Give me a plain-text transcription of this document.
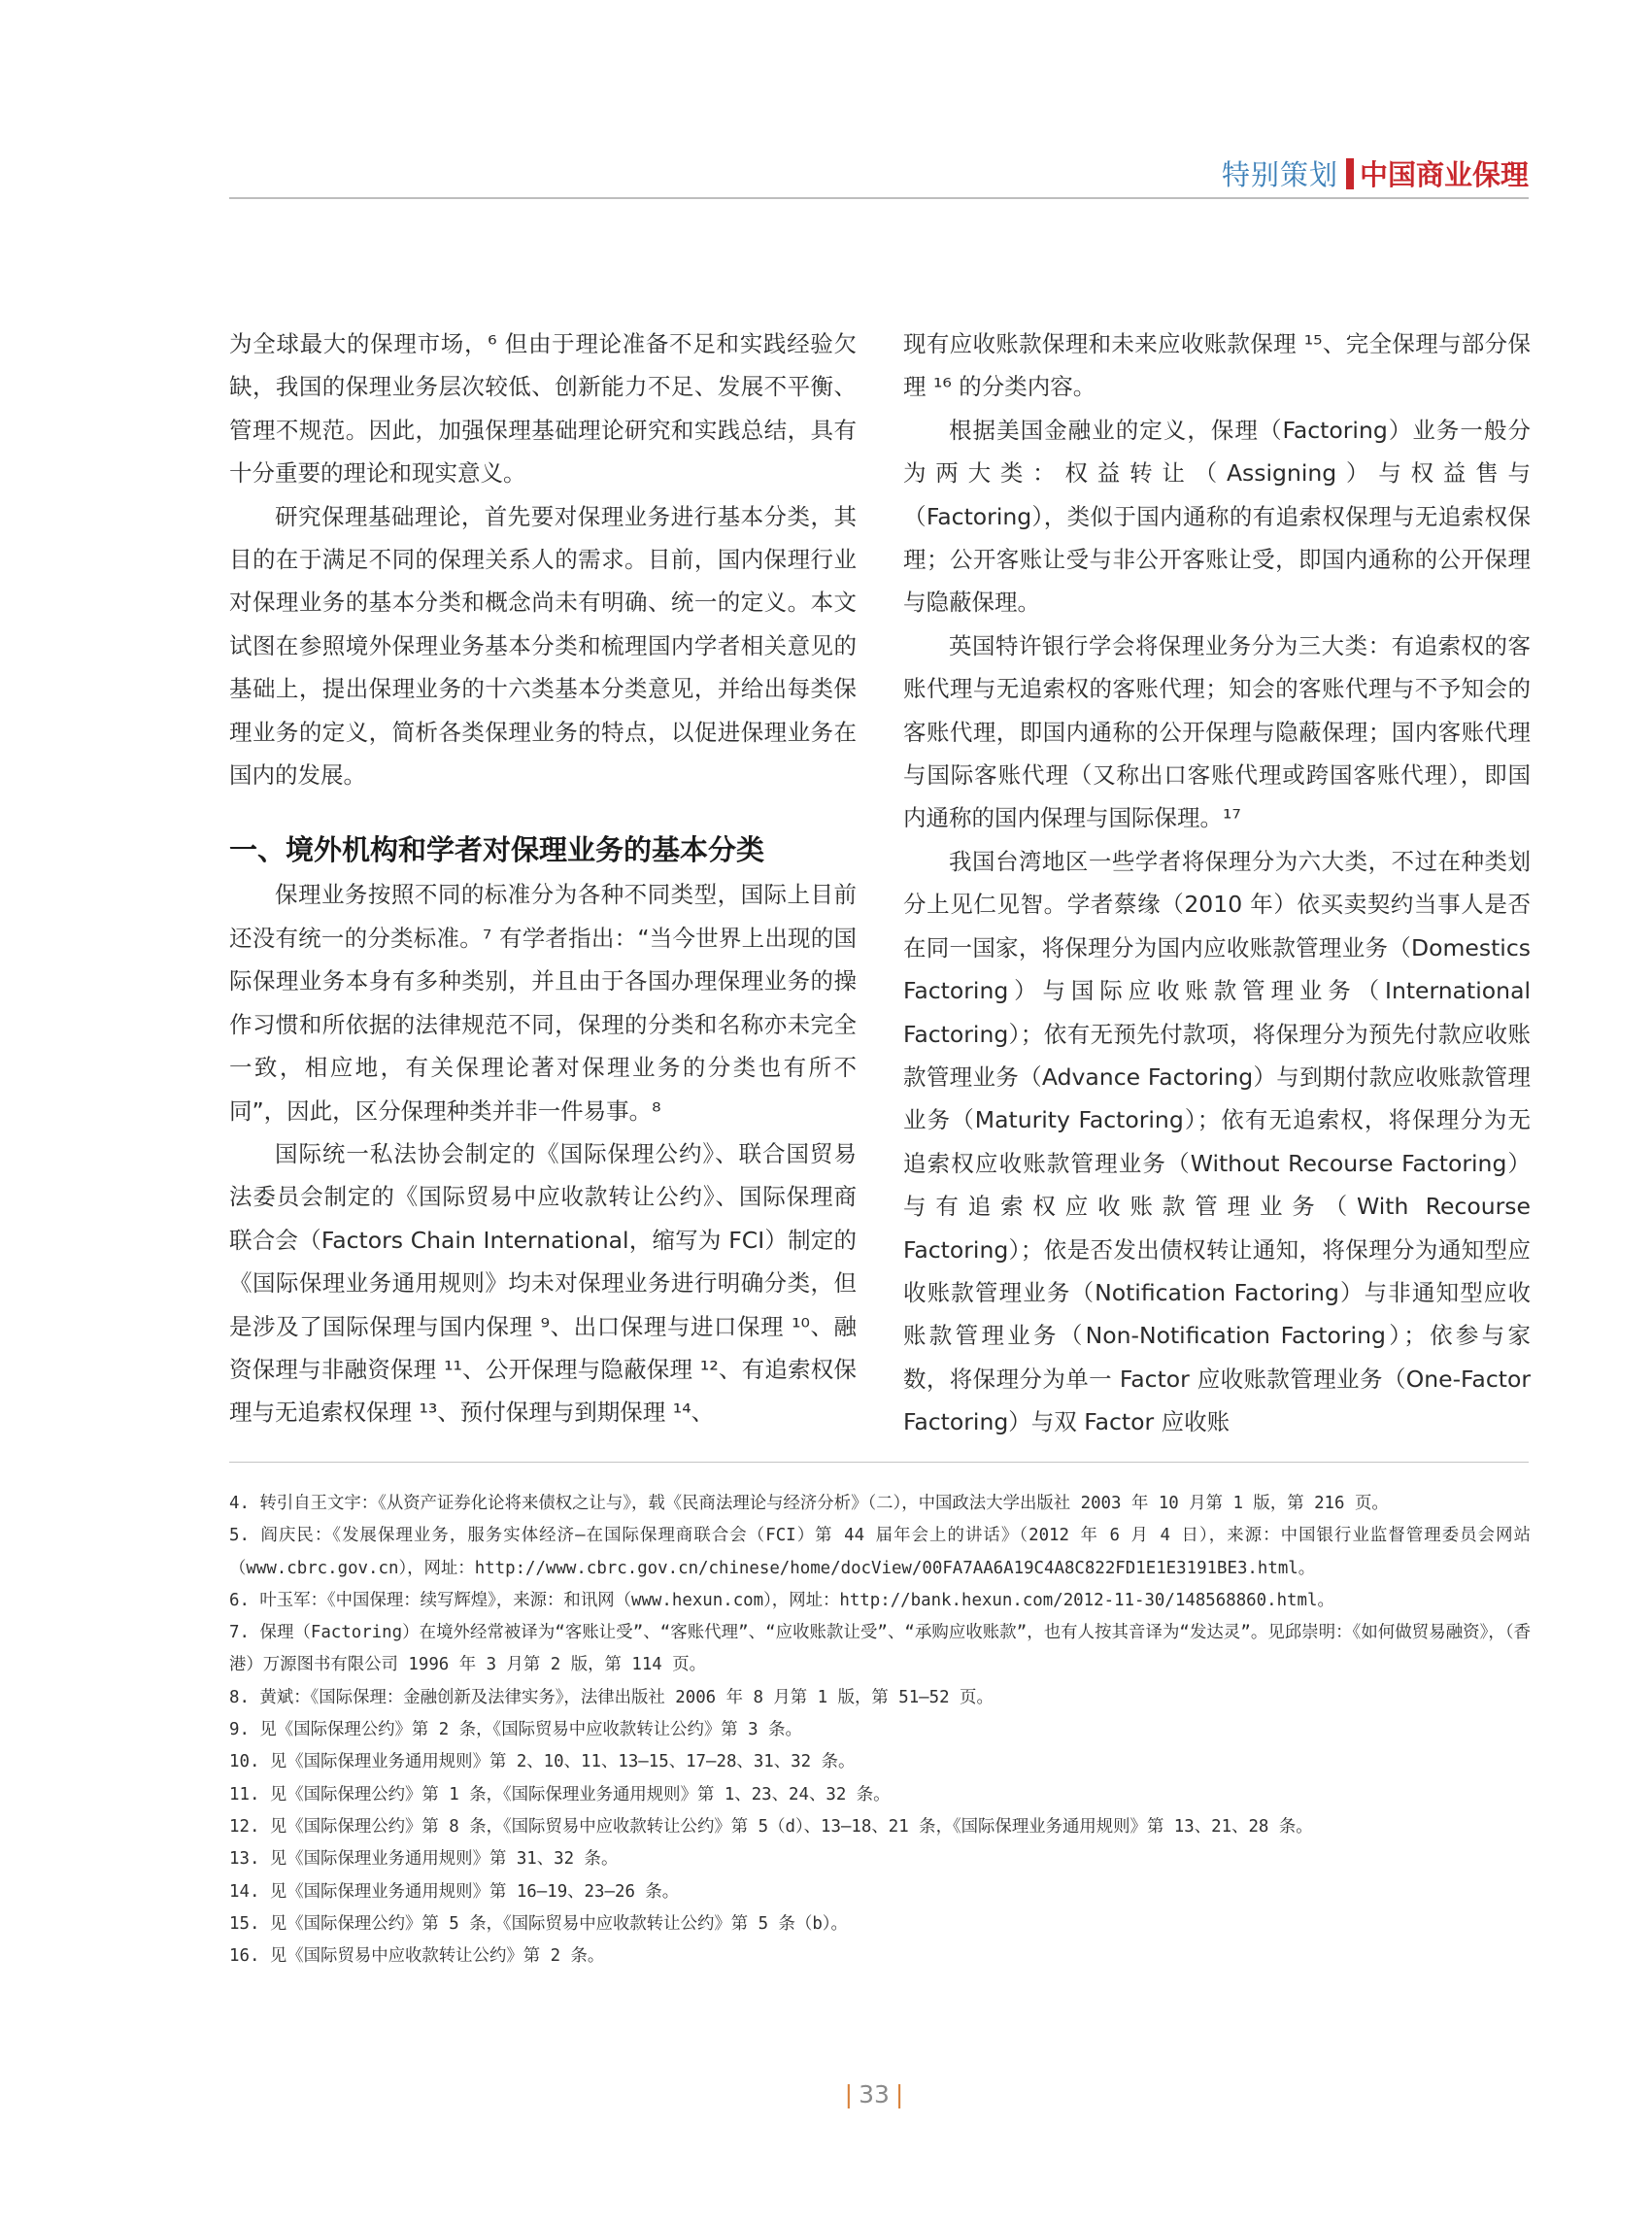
特别策划 中国商业保理

为全球最大的保理市场，⁶ 但由于理论准备不足和实践经验欠缺，我国的保理业务层次较低、创新能力不足、发展不平衡、管理不规范。因此，加强保理基础理论研究和实践总结，具有十分重要的理论和现实意义。

研究保理基础理论，首先要对保理业务进行基本分类，其目的在于满足不同的保理关系人的需求。目前，国内保理行业对保理业务的基本分类和概念尚未有明确、统一的定义。本文试图在参照境外保理业务基本分类和梳理国内学者相关意见的基础上，提出保理业务的十六类基本分类意见，并给出每类保理业务的定义，简析各类保理业务的特点，以促进保理业务在国内的发展。

一、境外机构和学者对保理业务的基本分类

保理业务按照不同的标准分为各种不同类型，国际上目前还没有统一的分类标准。⁷ 有学者指出：“当今世界上出现的国际保理业务本身有多种类别，并且由于各国办理保理业务的操作习惯和所依据的法律规范不同，保理的分类和名称亦未完全一致，相应地，有关保理论著对保理业务的分类也有所不同”，因此，区分保理种类并非一件易事。⁸

国际统一私法协会制定的《国际保理公约》、联合国贸易法委员会制定的《国际贸易中应收款转让公约》、国际保理商联合会（Factors Chain International，缩写为 FCI）制定的《国际保理业务通用规则》均未对保理业务进行明确分类，但是涉及了国际保理与国内保理 ⁹、出口保理与进口保理 ¹⁰、融资保理与非融资保理 ¹¹、公开保理与隐蔽保理 ¹²、有追索权保理与无追索权保理 ¹³、预付保理与到期保理 ¹⁴、

现有应收账款保理和未来应收账款保理 ¹⁵、完全保理与部分保理 ¹⁶ 的分类内容。

根据美国金融业的定义，保理（Factoring）业务一般分为两大类：权益转让（Assigning）与权益售与（Factoring），类似于国内通称的有追索权保理与无追索权保理；公开客账让受与非公开客账让受，即国内通称的公开保理与隐蔽保理。

英国特许银行学会将保理业务分为三大类：有追索权的客账代理与无追索权的客账代理；知会的客账代理与不予知会的客账代理，即国内通称的公开保理与隐蔽保理；国内客账代理与国际客账代理（又称出口客账代理或跨国客账代理），即国内通称的国内保理与国际保理。¹⁷

我国台湾地区一些学者将保理分为六大类，不过在种类划分上见仁见智。学者蔡缘（2010 年）依买卖契约当事人是否在同一国家，将保理分为国内应收账款管理业务（Domestics Factoring）与国际应收账款管理业务（International Factoring）；依有无预先付款项，将保理分为预先付款应收账款管理业务（Advance Factoring）与到期付款应收账款管理业务（Maturity Factoring）；依有无追索权，将保理分为无追索权应收账款管理业务（Without Recourse Factoring）与有追索权应收账款管理业务（With Recourse Factoring）；依是否发出债权转让通知，将保理分为通知型应收账款管理业务（Notification Factoring）与非通知型应收账款管理业务（Non-Notification Factoring）；依参与家数，将保理分为单一 Factor 应收账款管理业务（One-Factor Factoring）与双 Factor 应收账

4. 转引自王文宇：《从资产证券化论将来债权之让与》，载《民商法理论与经济分析》（二），中国政法大学出版社 2003 年 10 月第 1 版，第 216 页。

5. 阎庆民：《发展保理业务，服务实体经济—在国际保理商联合会（FCI）第 44 届年会上的讲话》（2012 年 6 月 4 日），来源：中国银行业监督管理委员会网站（www.cbrc.gov.cn），网址：http://www.cbrc.gov.cn/chinese/home/docView/00FA7AA6A19C4A8C822FD1E1E3191BE3.html。

6. 叶玉军：《中国保理：续写辉煌》，来源：和讯网（www.hexun.com），网址：http://bank.hexun.com/2012-11-30/148568860.html。

7. 保理（Factoring）在境外经常被译为“客账让受”、“客账代理”、“应收账款让受”、“承购应收账款”，也有人按其音译为“发达灵”。见邱崇明：《如何做贸易融资》，（香港）万源图书有限公司 1996 年 3 月第 2 版，第 114 页。

8. 黄斌：《国际保理：金融创新及法律实务》，法律出版社 2006 年 8 月第 1 版，第 51—52 页。

9. 见《国际保理公约》第 2 条，《国际贸易中应收款转让公约》第 3 条。

10. 见《国际保理业务通用规则》第 2、10、11、13—15、17—28、31、32 条。

11. 见《国际保理公约》第 1 条，《国际保理业务通用规则》第 1、23、24、32 条。

12. 见《国际保理公约》第 8 条，《国际贸易中应收款转让公约》第 5（d）、13—18、21 条，《国际保理业务通用规则》第 13、21、28 条。

13. 见《国际保理业务通用规则》第 31、32 条。

14. 见《国际保理业务通用规则》第 16—19、23—26 条。

15. 见《国际保理公约》第 5 条，《国际贸易中应收款转让公约》第 5 条（b）。

16. 见《国际贸易中应收款转让公约》第 2 条。

| 33 |
